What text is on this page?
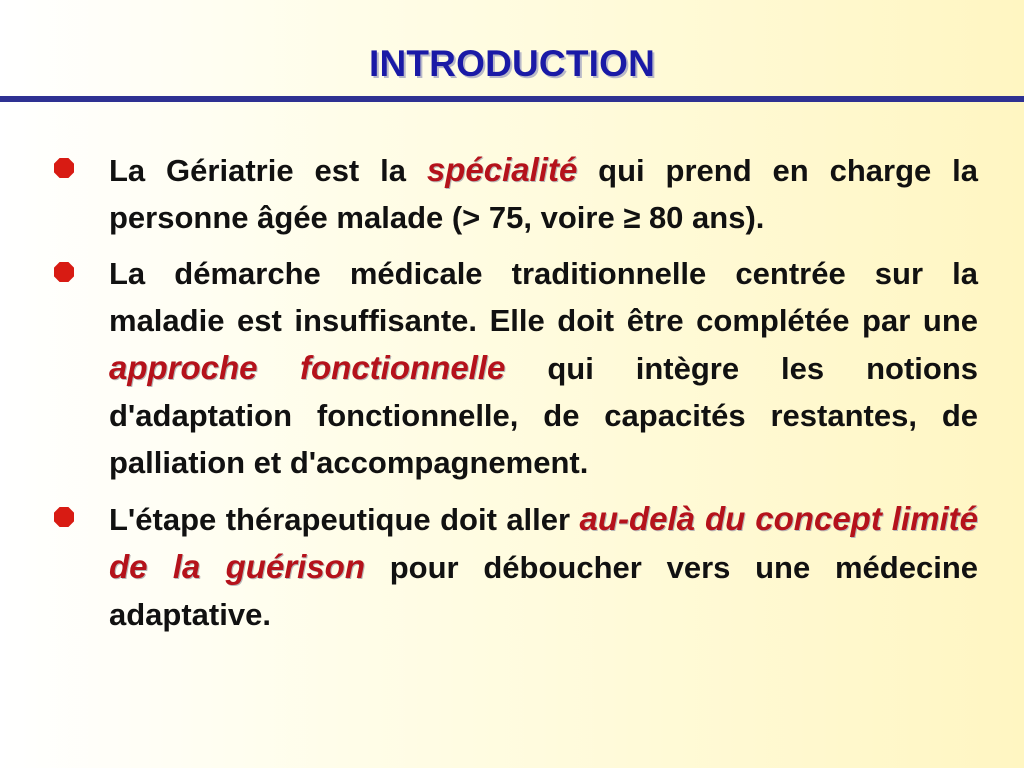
INTRODUCTION
La Gériatrie est la spécialité qui prend en charge la personne âgée malade (> 75, voire ≥ 80 ans).
La démarche médicale traditionnelle centrée sur la maladie est insuffisante. Elle doit être complétée par une approche fonctionnelle qui intègre les notions d'adaptation fonctionnelle, de capacités restantes, de palliation et d'accompagnement.
L'étape thérapeutique doit aller au-delà du concept limité de la guérison pour déboucher vers une médecine adaptative.
